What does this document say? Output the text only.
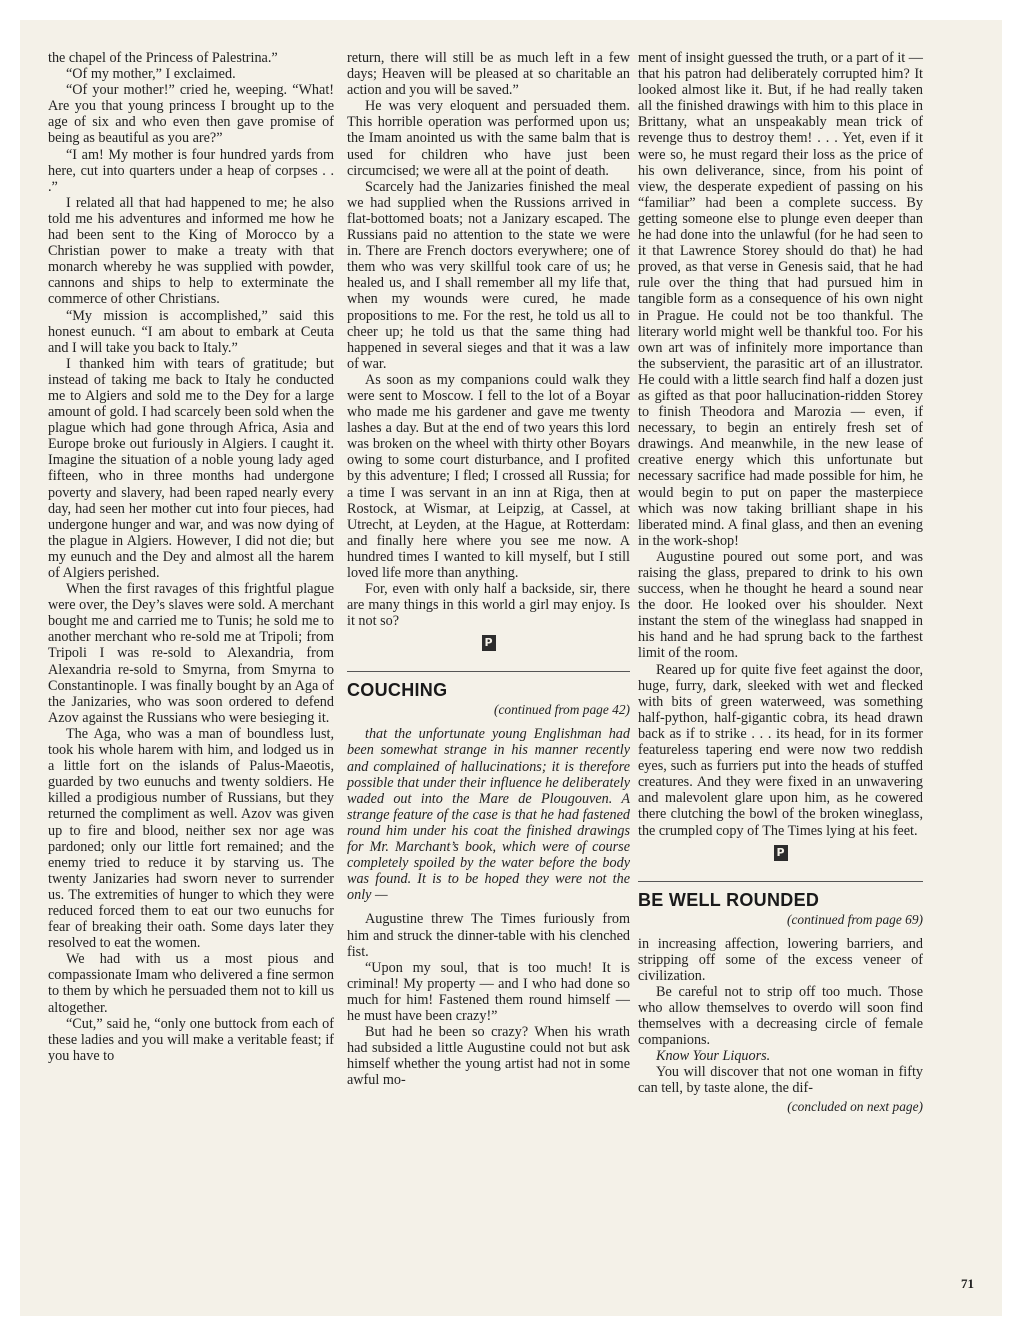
the chapel of the Princess of Palestrina.”

“Of my mother,” I exclaimed.

“Of your mother!” cried he, weeping. “What! Are you that young princess I brought up to the age of six and who even then gave promise of being as beautiful as you are?”

“I am! My mother is four hundred yards from here, cut into quarters under a heap of corpses . . .”

I related all that had happened to me; he also told me his adventures and informed me how he had been sent to the King of Morocco by a Christian power to make a treaty with that monarch whereby he was supplied with powder, cannons and ships to help to exterminate the commerce of other Christians.

“My mission is accomplished,” said this honest eunuch. “I am about to embark at Ceuta and I will take you back to Italy.”

I thanked him with tears of gratitude; but instead of taking me back to Italy he conducted me to Algiers and sold me to the Dey for a large amount of gold. I had scarcely been sold when the plague which had gone through Africa, Asia and Europe broke out furiously in Algiers. I caught it. Imagine the situation of a noble young lady aged fifteen, who in three months had undergone poverty and slavery, had been raped nearly every day, had seen her mother cut into four pieces, had undergone hunger and war, and was now dying of the plague in Algiers. However, I did not die; but my eunuch and the Dey and almost all the harem of Algiers perished.

When the first ravages of this frightful plague were over, the Dey’s slaves were sold. A merchant bought me and carried me to Tunis; he sold me to another merchant who re-sold me at Tripoli; from Tripoli I was re-sold to Alexandria, from Alexandria re-sold to Smyrna, from Smyrna to Constantinople. I was finally bought by an Aga of the Janizaries, who was soon ordered to defend Azov against the Russians who were besieging it.

The Aga, who was a man of boundless lust, took his whole harem with him, and lodged us in a little fort on the islands of Palus-Maeotis, guarded by two eunuchs and twenty soldiers. He killed a prodigious number of Russians, but they returned the compliment as well. Azov was given up to fire and blood, neither sex nor age was pardoned; only our little fort remained; and the enemy tried to reduce it by starving us. The twenty Janizaries had sworn never to surrender us. The extremities of hunger to which they were reduced forced them to eat our two eunuchs for fear of breaking their oath. Some days later they resolved to eat the women.

We had with us a most pious and compassionate Imam who delivered a fine sermon to them by which he persuaded them not to kill us altogether.

“Cut,” said he, “only one buttock from each of these ladies and you will make a veritable feast; if you have to

return, there will still be as much left in a few days; Heaven will be pleased at so charitable an action and you will be saved.”

He was very eloquent and persuaded them. This horrible operation was performed upon us; the Imam anointed us with the same balm that is used for children who have just been circumcised; we were all at the point of death.

Scarcely had the Janizaries finished the meal we had supplied when the Russions arrived in flat-bottomed boats; not a Janizary escaped. The Russians paid no attention to the state we were in. There are French doctors everywhere; one of them who was very skillful took care of us; he healed us, and I shall remember all my life that, when my wounds were cured, he made propositions to me. For the rest, he told us all to cheer up; he told us that the same thing had happened in several sieges and that it was a law of war.

As soon as my companions could walk they were sent to Moscow. I fell to the lot of a Boyar who made me his gardener and gave me twenty lashes a day. But at the end of two years this lord was broken on the wheel with thirty other Boyars owing to some court disturbance, and I profited by this adventure; I fled; I crossed all Russia; for a time I was servant in an inn at Riga, then at Rostock, at Wismar, at Leipzig, at Cassel, at Utrecht, at Leyden, at the Hague, at Rotterdam: and finally here where you see me now. A hundred times I wanted to kill myself, but I still loved life more than anything.

For, even with only half a backside, sir, there are many things in this world a girl may enjoy. Is it not so?

P
COUCHING
(continued from page 42)

that the unfortunate young Englishman had been somewhat strange in his manner recently and complained of hallucinations; it is therefore possible that under their influence he deliberately waded out into the Mare de Plougouven. A strange feature of the case is that he had fastened round him under his coat the finished drawings for Mr. Marchant’s book, which were of course completely spoiled by the water before the body was found. It is to be hoped they were not the only —

Augustine threw The Times furiously from him and struck the dinner-table with his clenched fist.

“Upon my soul, that is too much! It is criminal! My property — and I who had done so much for him! Fastened them round himself — he must have been crazy!”

But had he been so crazy? When his wrath had subsided a little Augustine could not but ask himself whether the young artist had not in some awful mo-

ment of insight guessed the truth, or a part of it — that his patron had deliberately corrupted him? It looked almost like it. But, if he had really taken all the finished drawings with him to this place in Brittany, what an unspeakably mean trick of revenge thus to destroy them! . . . Yet, even if it were so, he must regard their loss as the price of his own deliverance, since, from his point of view, the desperate expedient of passing on his “familiar” had been a complete success. By getting someone else to plunge even deeper than he had done into the unlawful (for he had seen to it that Lawrence Storey should do that) he had proved, as that verse in Genesis said, that he had rule over the thing that had pursued him in tangible form as a consequence of his own night in Prague. He could not be too thankful. The literary world might well be thankful too. For his own art was of infinitely more importance than the subservient, the parasitic art of an illustrator. He could with a little search find half a dozen just as gifted as that poor hallucination-ridden Storey to finish Theodora and Marozia — even, if necessary, to begin an entirely fresh set of drawings. And meanwhile, in the new lease of creative energy which this unfortunate but necessary sacrifice had made possible for him, he would begin to put on paper the masterpiece which was now taking brilliant shape in his liberated mind. A final glass, and then an evening in the work-shop!

Augustine poured out some port, and was raising the glass, prepared to drink to his own success, when he thought he heard a sound near the door. He looked over his shoulder. Next instant the stem of the wineglass had snapped in his hand and he had sprung back to the farthest limit of the room.

Reared up for quite five feet against the door, huge, furry, dark, sleeked with wet and flecked with bits of green waterweed, was something half-python, half-gigantic cobra, its head drawn back as if to strike . . . its head, for in its former featureless tapering end were now two reddish eyes, such as furriers put into the heads of stuffed creatures. And they were fixed in an unwavering and malevolent glare upon him, as he cowered there clutching the bowl of the broken wineglass, the crumpled copy of The Times lying at his feet.

P
BE WELL ROUNDED
(continued from page 69)

in increasing affection, lowering barriers, and stripping off some of the excess veneer of civilization.

Be careful not to strip off too much. Those who allow themselves to overdo will soon find themselves with a decreasing circle of female companions.

Know Your Liquors.

You will discover that not one woman in fifty can tell, by taste alone, the dif-

(concluded on next page)
71
